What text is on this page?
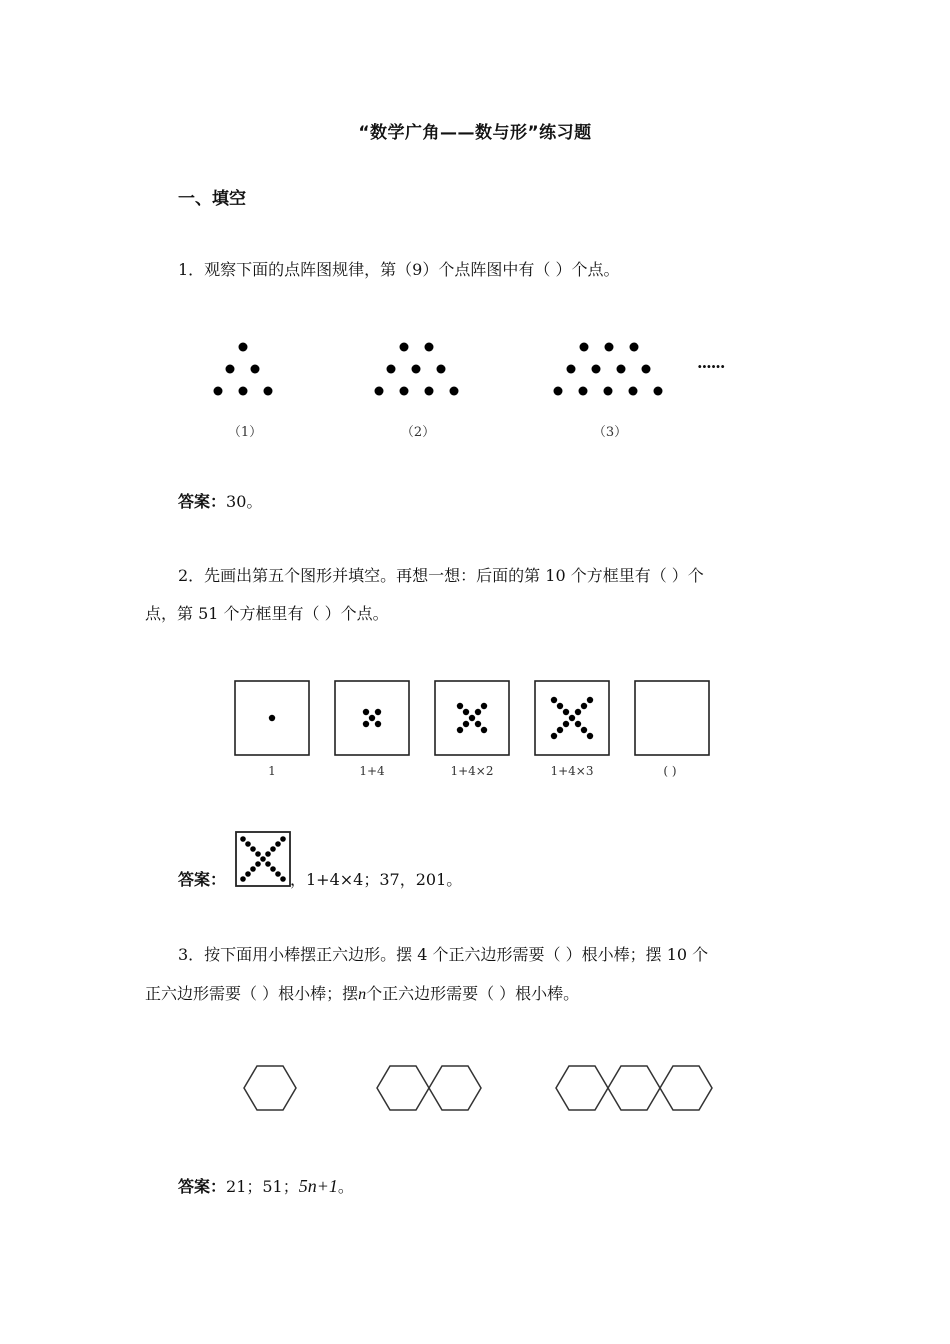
“数学广角——数与形”练习题
一、填空
1．观察下面的点阵图规律，第（9）个点阵图中有（ ）个点。
······
（1）	（2）	（3）
答案：30。
2．先画出第五个图形并填空。再想一想：后面的第 10 个方框里有（ ）个
点，第 51 个方框里有（ ）个点。
1	1+4	1+4×2	1+4×3	( )
答案：	，1+4×4；37，201。
3．按下面用小棒摆正六边形。摆 4 个正六边形需要（ ）根小棒；摆 10 个
正六边形需要（ ）根小棒；摆n个正六边形需要（ ）根小棒。
答案：21；51；5n+1。
